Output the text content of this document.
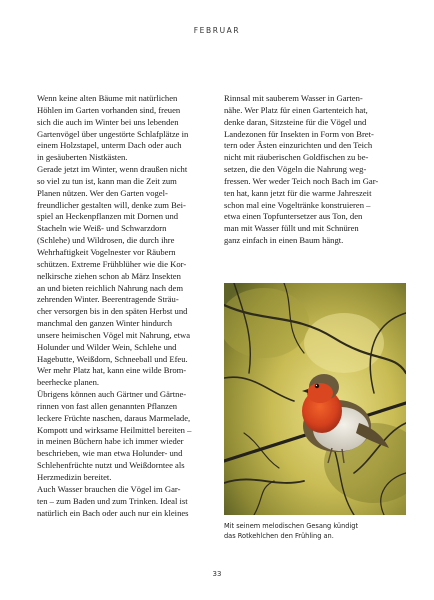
FEBRUAR

Wenn keine alten Bäume mit natürlichen

Höhlen im Garten vorhanden sind, freuen

sich die auch im Winter bei uns lebenden

Gartenvögel über ungestörte Schlafplätze in

einem Holzstapel, unterm Dach oder auch

in gesäuberten Nistkästen.

Gerade jetzt im Winter, wenn draußen nicht

so viel zu tun ist, kann man die Zeit zum

Planen nützen. Wer den Garten vogel-

freundlicher gestalten will, denke zum Bei-

spiel an Heckenpflanzen mit Dornen und

Stacheln wie Weiß- und Schwarzdorn

(Schlehe) und Wildrosen, die durch ihre

Wehrhaftigkeit Vogelnester vor Räubern

schützen. Extreme Frühblüher wie die Kor-

nelkirsche ziehen schon ab März Insekten

an und bieten reichlich Nahrung nach dem

zehrenden Winter. Beerentragende Sträu-

cher versorgen bis in den späten Herbst und

manchmal den ganzen Winter hindurch

unsere heimischen Vögel mit Nahrung, etwa

Holunder und Wilder Wein, Schlehe und

Hagebutte, Weißdorn, Schneeball und Efeu.

Wer mehr Platz hat, kann eine wilde Brom-

beerhecke planen.

Übrigens können auch Gärtner und Gärtne-

rinnen von fast allen genannten Pflanzen

leckere Früchte naschen, daraus Marmelade,

Kompott und wirksame Heilmittel bereiten –

in meinen Büchern habe ich immer wieder

beschrieben, wie man etwa Holunder- und

Schlehenfrüchte nutzt und Weißdorntee als

Herzmedizin bereitet.

Auch Wasser brauchen die Vögel im Gar-

ten – zum Baden und zum Trinken. Ideal ist

natürlich ein Bach oder auch nur ein kleines

Rinnsal mit sauberem Wasser in Garten-

nähe. Wer Platz für einen Gartenteich hat,

denke daran, Sitzsteine für die Vögel und

Landezonen für Insekten in Form von Bret-

tern oder Ästen einzurichten und den Teich

nicht mit räuberischen Goldfischen zu be-

setzen, die den Vögeln die Nahrung weg-

fressen. Wer weder Teich noch Bach im Gar-

ten hat, kann jetzt für die warme Jahreszeit

schon mal eine Vogeltränke konstruieren –

etwa einen Topfuntersetzer aus Ton, den

man mit Wasser füllt und mit Schnüren

ganz einfach in einen Baum hängt.

Mit seinem melodischen Gesang kündigt

das Rotkehlchen den Frühling an.

33
